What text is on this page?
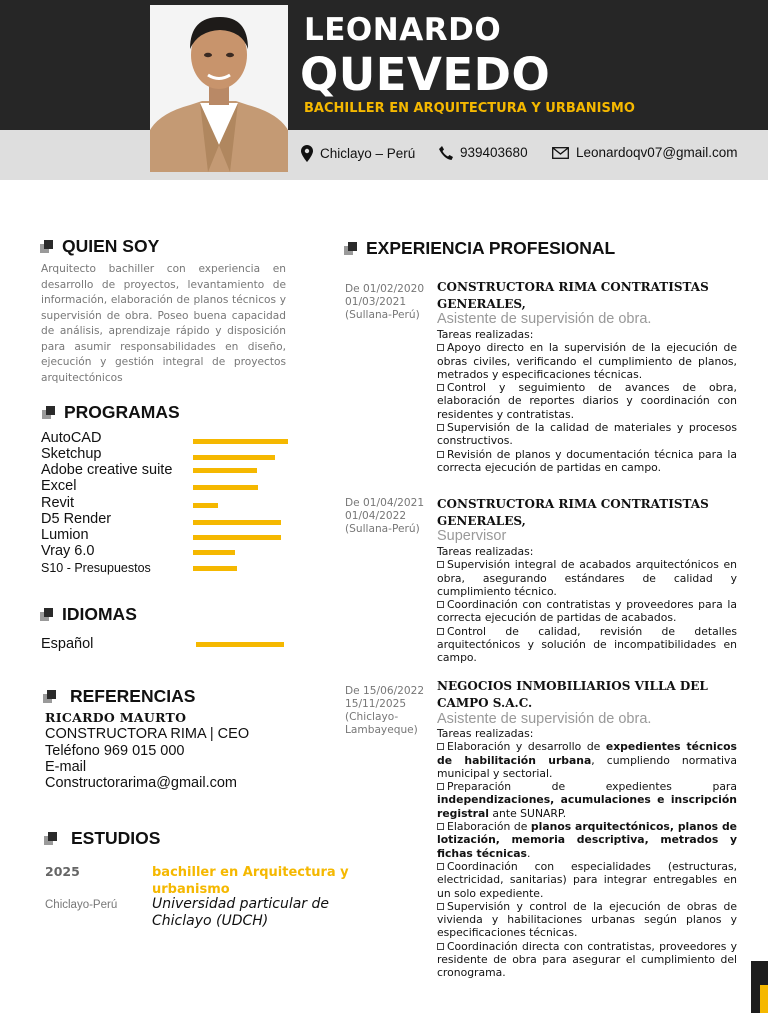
LEONARDO
QUEVEDO
BACHILLER EN ARQUITECTURA Y URBANISMO
Chiclayo – Perú	939403680	Leonardoqv07@gmail.com
QUIEN SOY
Arquitecto bachiller con experiencia en desarrollo de proyectos, levantamiento de información, elaboración de planos técnicos y supervisión de obra. Poseo buena capacidad de análisis, aprendizaje rápido y disposición para asumir responsabilidades en diseño, ejecución y gestión integral de proyectos arquitectónicos
PROGRAMAS
AutoCAD
Sketchup
Adobe creative suite
Excel
Revit
D5 Render
Lumion
Vray 6.0
S10 - Presupuestos
IDIOMAS
Español
REFERENCIAS
RICARDO MAURTO
CONSTRUCTORA RIMA | CEO
Teléfono 969 015 000
E-mail
Constructorarima@gmail.com
ESTUDIOS
2025
Chiclayo-Perú
bachiller en Arquitectura y urbanismo
Universidad particular de Chiclayo (UDCH)
EXPERIENCIA PROFESIONAL
De 01/02/2020
01/03/2021
(Sullana-Perú)
CONSTRUCTORA RIMA CONTRATISTAS GENERALES,
Asistente de supervisión de obra.
Tareas realizadas:
Apoyo directo en la supervisión de la ejecución de obras civiles, verificando el cumplimiento de planos, metrados y especificaciones técnicas.
Control y seguimiento de avances de obra, elaboración de reportes diarios y coordinación con residentes y contratistas.
Supervisión de la calidad de materiales y procesos constructivos.
Revisión de planos y documentación técnica para la correcta ejecución de partidas en campo.
De 01/04/2021
01/04/2022
(Sullana-Perú)
CONSTRUCTORA RIMA CONTRATISTAS GENERALES,
Supervisor
Tareas realizadas:
Supervisión integral de acabados arquitectónicos en obra, asegurando estándares de calidad y cumplimiento técnico.
Coordinación con contratistas y proveedores para la correcta ejecución de partidas de acabados.
Control de calidad, revisión de detalles arquitectónicos y solución de incompatibilidades en campo.
De 15/06/2022
15/11/2025
(Chiclayo-Lambayeque)
NEGOCIOS INMOBILIARIOS VILLA DEL CAMPO S.A.C.
Asistente de supervisión de obra.
Tareas realizadas:
Elaboración y desarrollo de expedientes técnicos de habilitación urbana, cumpliendo normativa municipal y sectorial.
Preparación de expedientes para independizaciones, acumulaciones e inscripción registral ante SUNARP.
Elaboración de planos arquitectónicos, planos de lotización, memoria descriptiva, metrados y fichas técnicas.
Coordinación con especialidades (estructuras, electricidad, sanitarias) para integrar entregables en un solo expediente.
Supervisión y control de la ejecución de obras de vivienda y habilitaciones urbanas según planos y especificaciones técnicas.
Coordinación directa con contratistas, proveedores y residente de obra para asegurar el cumplimiento del cronograma.
